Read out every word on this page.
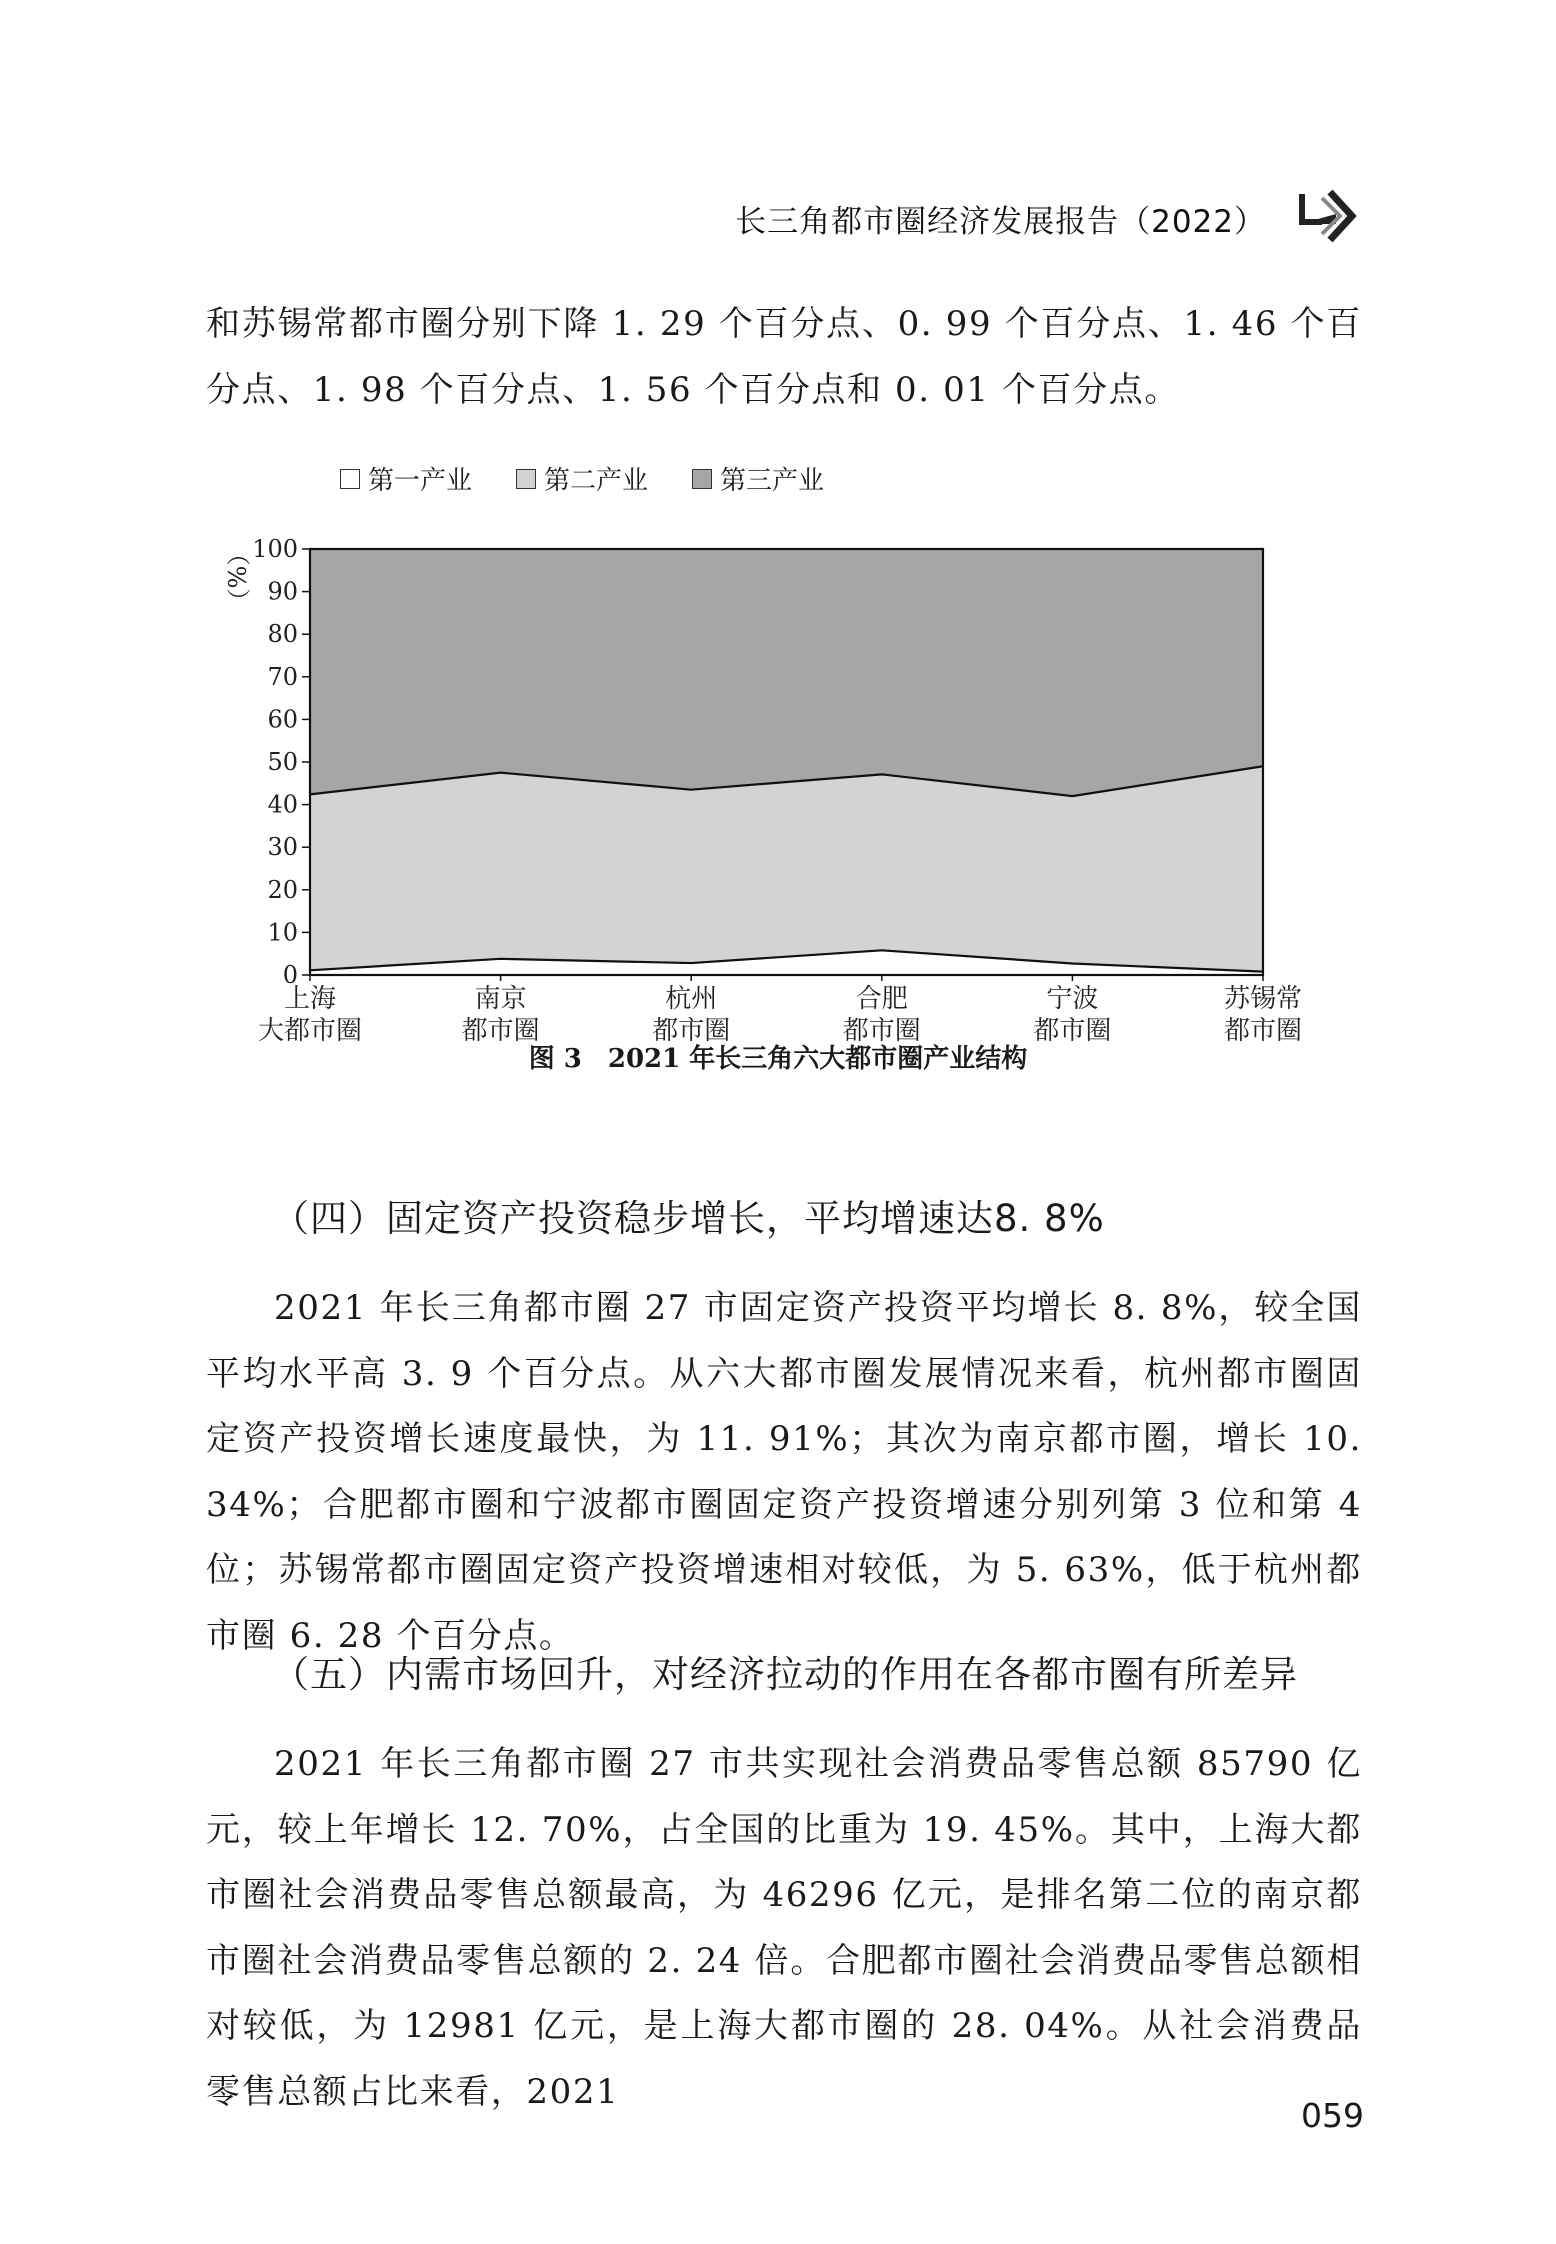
长三角都市圈经济发展报告（2022）

和苏锡常都市圈分别下降 1. 29 个百分点、0. 99 个百分点、1. 46 个百分点、1. 98 个百分点、1. 56 个百分点和 0. 01 个百分点。

第一产业	第二产业	第三产业
0
10
20
30
40
50
60
70
80
90
100
（%）
上海
大都市圈
南京
都市圈
杭州
都市圈
合肥
都市圈
宁波
都市圈
苏锡常
都市圈
图 3 2021 年长三角六大都市圈产业结构
（四）固定资产投资稳步增长，平均增速达8. 8%

2021 年长三角都市圈 27 市固定资产投资平均增长 8. 8%，较全国平均水平高 3. 9 个百分点。从六大都市圈发展情况来看，杭州都市圈固定资产投资增长速度最快，为 11. 91%；其次为南京都市圈，增长 10. 34%；合肥都市圈和宁波都市圈固定资产投资增速分别列第 3 位和第 4 位；苏锡常都市圈固定资产投资增速相对较低，为 5. 63%，低于杭州都市圈 6. 28 个百分点。

（五）内需市场回升，对经济拉动的作用在各都市圈有所差异

2021 年长三角都市圈 27 市共实现社会消费品零售总额 85790 亿元，较上年增长 12. 70%，占全国的比重为 19. 45%。其中，上海大都市圈社会消费品零售总额最高，为 46296 亿元，是排名第二位的南京都市圈社会消费品零售总额的 2. 24 倍。合肥都市圈社会消费品零售总额相对较低，为 12981 亿元，是上海大都市圈的 28. 04%。从社会消费品零售总额占比来看，2021

059
